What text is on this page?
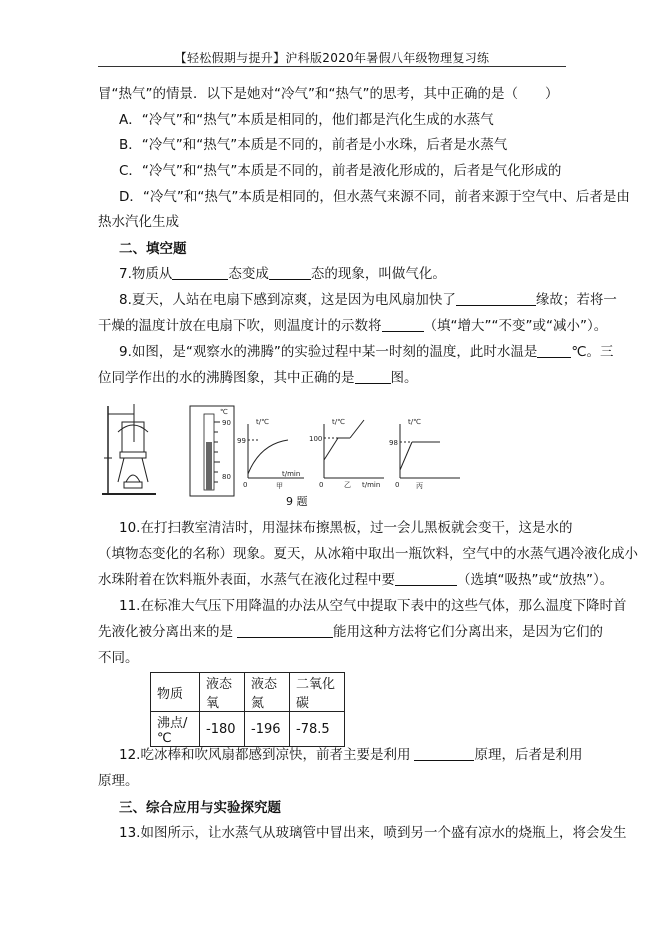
【轻松假期与提升】沪科版2020年暑假八年级物理复习练
冒“热气”的情景．以下是她对“冷气”和“热气”的思考，其中正确的是（　　）
A．“冷气”和“热气”本质是相同的，他们都是汽化生成的水蒸气
B．“冷气”和“热气”本质是不同的，前者是小水珠，后者是水蒸气
C．“冷气”和“热气”本质是不同的，前者是液化形成的，后者是气化形成的
D．“冷气”和“热气”本质是相同的，但水蒸气来源不同，前者来源于空气中、后者是由
热水汽化生成
二、填空题
7.物质从	态变成	态的现象，叫做气化。
8.夏天，人站在电扇下感到凉爽，这是因为电风扇加快了	缘故；若将一
干燥的温度计放在电扇下吹，则温度计的示数将	（填“增大”“不变”或“减小”）。
9.如图，是“观察水的沸腾”的实验过程中某一时刻的温度，此时水温是	℃。三
位同学作出的水的沸腾图象，其中正确的是	图。
℃
90
80
t/℃
99
0
t/min
甲
t/℃
100
0	t/min
乙
t/℃
98
0 丙
9 题
10.在打扫教室清洁时，用湿抹布擦黑板，过一会儿黑板就会变干，这是水的
（填物态变化的名称）现象。夏天，从冰箱中取出一瓶饮料，空气中的水蒸气遇冷液化成小
水珠附着在饮料瓶外表面，水蒸气在液化过程中要	（选填“吸热”或“放热”）。
11.在标准大气压下用降温的办法从空气中提取下表中的这些气体，那么温度下降时首
先液化被分离出来的是	能用这种方法将它们分离出来，是因为它们的
不同。
物质	液态氧	液态氮	二氧化碳
沸点/℃	-180	-196	-78.5
12.吃冰棒和吹风扇都感到凉快，前者主要是利用	原理，后者是利用
原理。
三、综合应用与实验探究题
13.如图所示，让水蒸气从玻璃管中冒出来，喷到另一个盛有凉水的烧瓶上，将会发生
